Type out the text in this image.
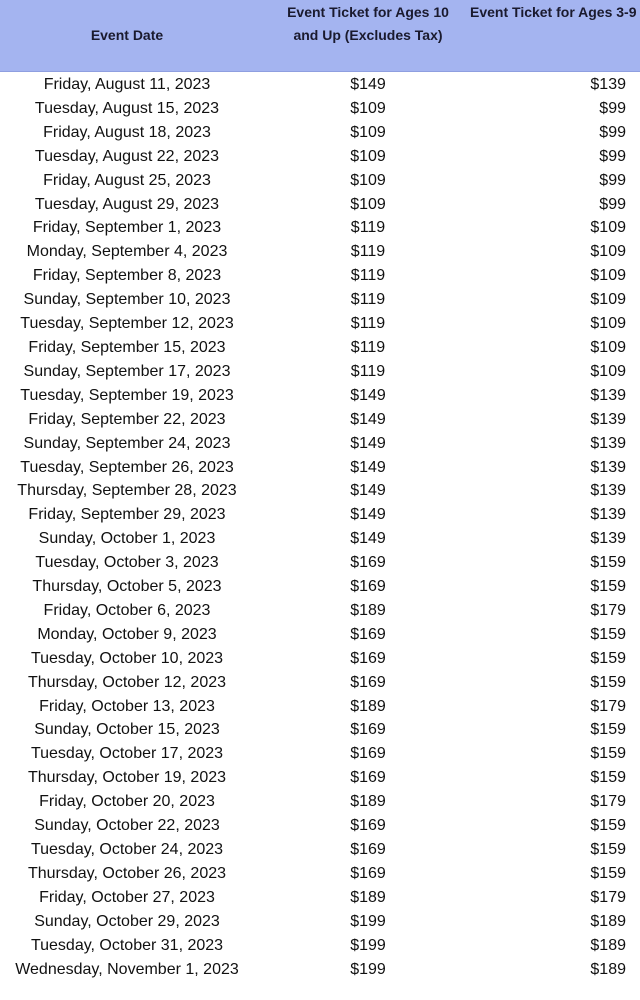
Event Date
Event Ticket for Ages 10 and Up (Excludes Tax)
Event Ticket for Ages 3-9
Friday, August 11, 2023	$149	$139
Tuesday, August 15, 2023	$109	$99
Friday, August 18, 2023	$109	$99
Tuesday, August 22, 2023	$109	$99
Friday, August 25, 2023	$109	$99
Tuesday, August 29, 2023	$109	$99
Friday, September 1, 2023	$119	$109
Monday, September 4, 2023	$119	$109
Friday, September 8, 2023	$119	$109
Sunday, September 10, 2023	$119	$109
Tuesday, September 12, 2023	$119	$109
Friday, September 15, 2023	$119	$109
Sunday, September 17, 2023	$119	$109
Tuesday, September 19, 2023	$149	$139
Friday, September 22, 2023	$149	$139
Sunday, September 24, 2023	$149	$139
Tuesday, September 26, 2023	$149	$139
Thursday, September 28, 2023	$149	$139
Friday, September 29, 2023	$149	$139
Sunday, October 1, 2023	$149	$139
Tuesday, October 3, 2023	$169	$159
Thursday, October 5, 2023	$169	$159
Friday, October 6, 2023	$189	$179
Monday, October 9, 2023	$169	$159
Tuesday, October 10, 2023	$169	$159
Thursday, October 12, 2023	$169	$159
Friday, October 13, 2023	$189	$179
Sunday, October 15, 2023	$169	$159
Tuesday, October 17, 2023	$169	$159
Thursday, October 19, 2023	$169	$159
Friday, October 20, 2023	$189	$179
Sunday, October 22, 2023	$169	$159
Tuesday, October 24, 2023	$169	$159
Thursday, October 26, 2023	$169	$159
Friday, October 27, 2023	$189	$179
Sunday, October 29, 2023	$199	$189
Tuesday, October 31, 2023	$199	$189
Wednesday, November 1, 2023	$199	$189
